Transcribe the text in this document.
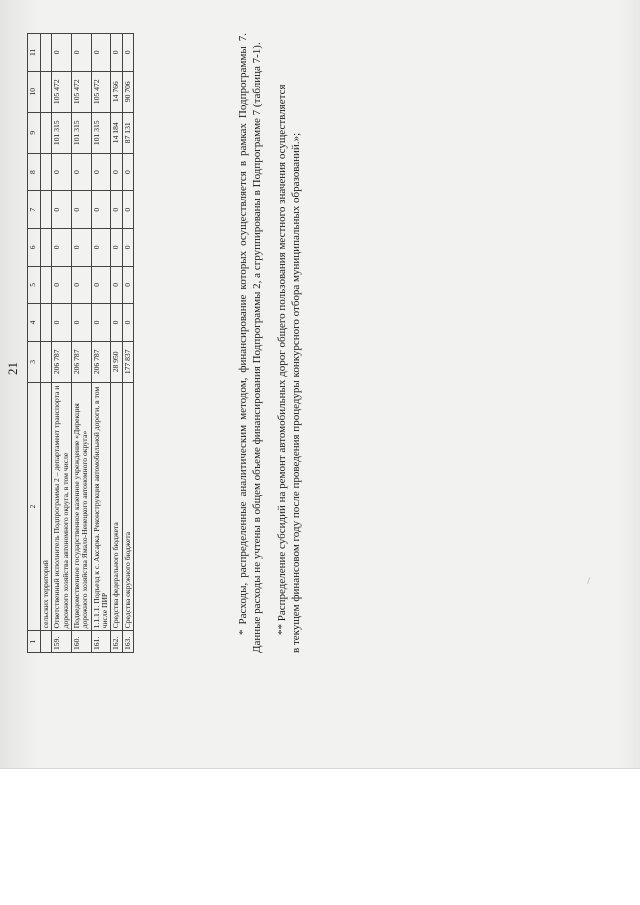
21
1	2	3	4	5	6	7	8	9	10	11
	сельских территорий									
159.	Ответственный исполнитель Подпрограммы 2 – департамент транспорта и дорожного хозяйства автономного округа, в том числе	206 787	0	0	0	0	0	101 315	105 472	0
160.	Подведомственное государственное казенное учреждение «Дирекция дорожного хозяйства Ямало-Ненецкого автономного округа»	206 787	0	0	0	0	0	101 315	105 472	0
161.	1.1.1.1. Подъезд к с. Аксарка. Реконструкция автомобильной дороги, в том числе ПИР	206 787	0	0	0	0	0	101 315	105 472	0
162.	Средства федерального бюджета	28 950	0	0	0	0	0	14 184	14 766	0
163.	Средства окружного бюджета	177 837	0	0	0	0	0	87 131	90 706	0	* Расходы, распределенные аналитическим методом, финансирование которых осуществляется в рамках Подпрограммы 7. Данные расходы не учтены в общем объеме финансирования Подпрограммы 2, а сгруппированы в Подпрограмме 7 (таблица 7-1). ** Распределение субсидий на ремонт автомобильных дорог общего пользования местного значения осуществляется в текущем финансовом году после проведения процедуры конкурсного отбора муниципальных образований.»;
